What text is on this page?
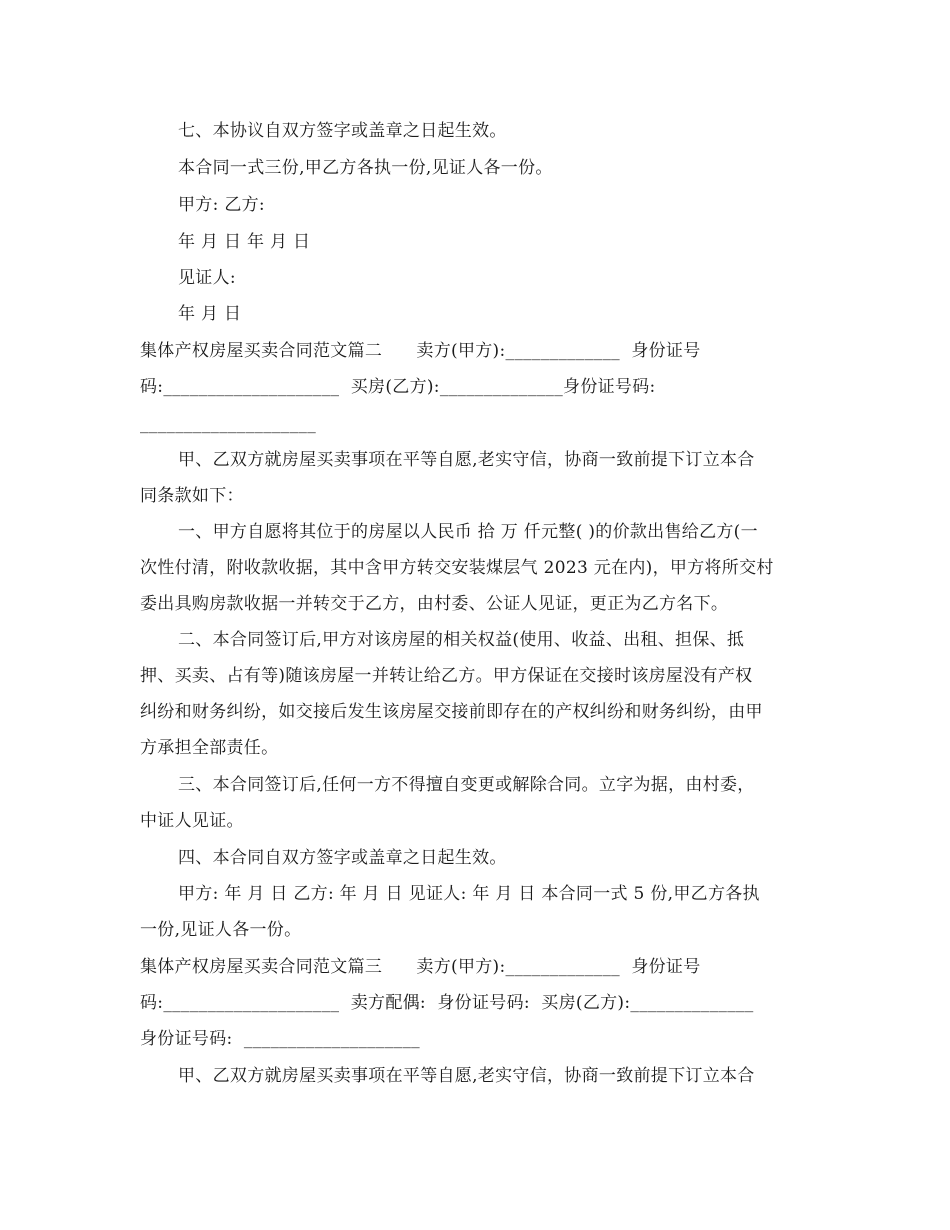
七、本协议自双方签字或盖章之日起生效。
本合同一式三份,甲乙方各执一份,见证人各一份。
甲方: 乙方:
年 月 日 年 月 日
见证人:
年 月 日
集体产权房屋买卖合同范文篇二      卖方(甲方):_____________  身份证号
码:____________________  买房(乙方):______________身份证号码:
____________________
甲、乙双方就房屋买卖事项在平等自愿,老实守信，协商一致前提下订立本合
同条款如下：
一、甲方自愿将其位于的房屋以人民币 拾 万 仟元整( )的价款出售给乙方(一
次性付清，附收款收据，其中含甲方转交安装煤层气 2023 元在内)，甲方将所交村
委出具购房款收据一并转交于乙方，由村委、公证人见证，更正为乙方名下。
二、本合同签订后,甲方对该房屋的相关权益(使用、收益、出租、担保、抵
押、买卖、占有等)随该房屋一并转让给乙方。甲方保证在交接时该房屋没有产权
纠纷和财务纠纷，如交接后发生该房屋交接前即存在的产权纠纷和财务纠纷，由甲
方承担全部责任。
三、本合同签订后,任何一方不得擅自变更或解除合同。立字为据，由村委，
中证人见证。
四、本合同自双方签字或盖章之日起生效。
甲方: 年 月 日 乙方: 年 月 日 见证人: 年 月 日 本合同一式 5 份,甲乙方各执
一份,见证人各一份。
集体产权房屋买卖合同范文篇三      卖方(甲方):_____________  身份证号
码:____________________  卖方配偶:  身份证号码:  买房(乙方):______________
身份证号码:  ____________________
甲、乙双方就房屋买卖事项在平等自愿,老实守信，协商一致前提下订立本合
